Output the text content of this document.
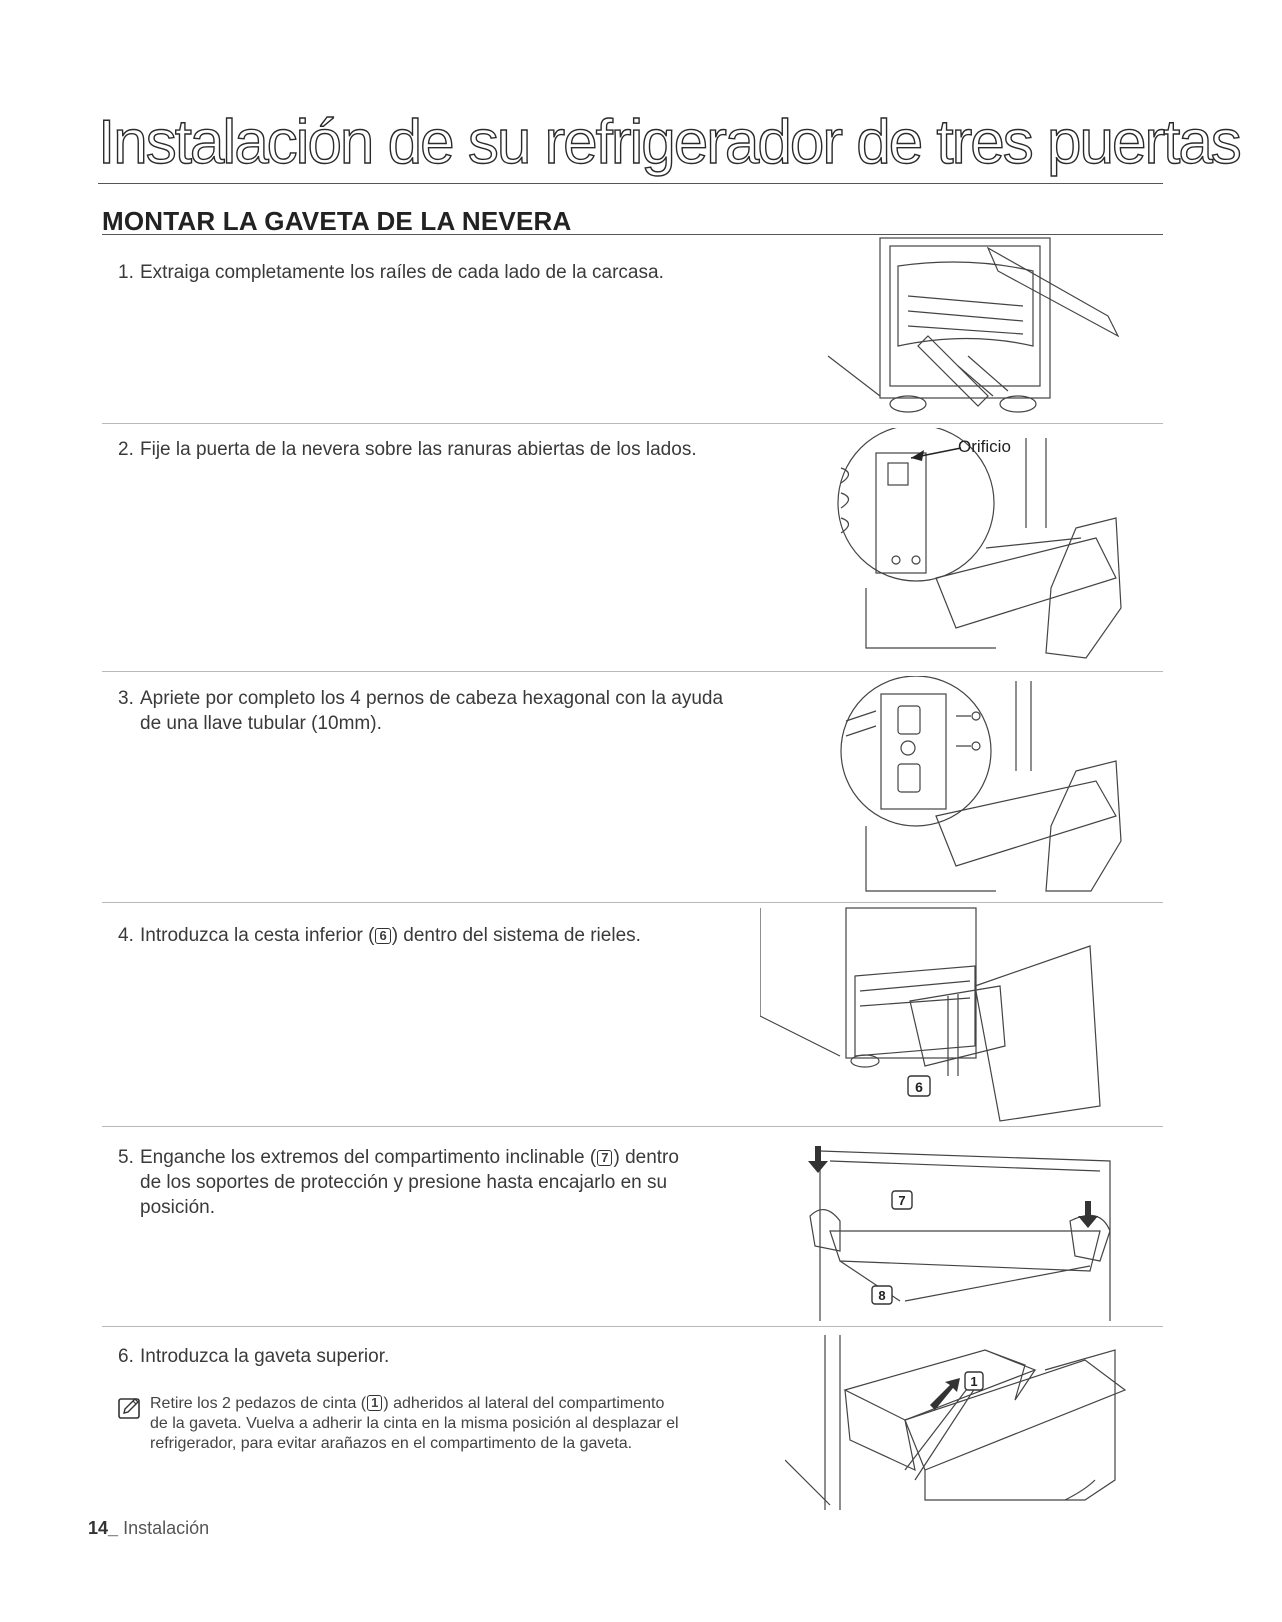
Instalación de su refrigerador de tres puertas
MONTAR LA GAVETA DE LA NEVERA
1. Extraiga completamente los raíles de cada lado de la carcasa.
2. Fije la puerta de la nevera sobre las ranuras abiertas de los lados.
3. Apriete por completo los 4 pernos de cabeza hexagonal con la ayuda
de una llave tubular (10mm).
4. Introduzca la cesta inferior ( 6 ) dentro del sistema de rieles.
5. Enganche los extremos del compartimento inclinable ( 7 ) dentro
de los soportes de protección y presione hasta encajarlo en su
posición.
6. Introduzca la gaveta superior.
Retire los 2 pedazos de cinta ( 1 ) adheridos al lateral del compartimento
de la gaveta. Vuelva a adherir la cinta en la misma posición al desplazar el
refrigerador, para evitar arañazos en el compartimento de la gaveta.
Orificio
6
7
8
1
14_ Instalación
